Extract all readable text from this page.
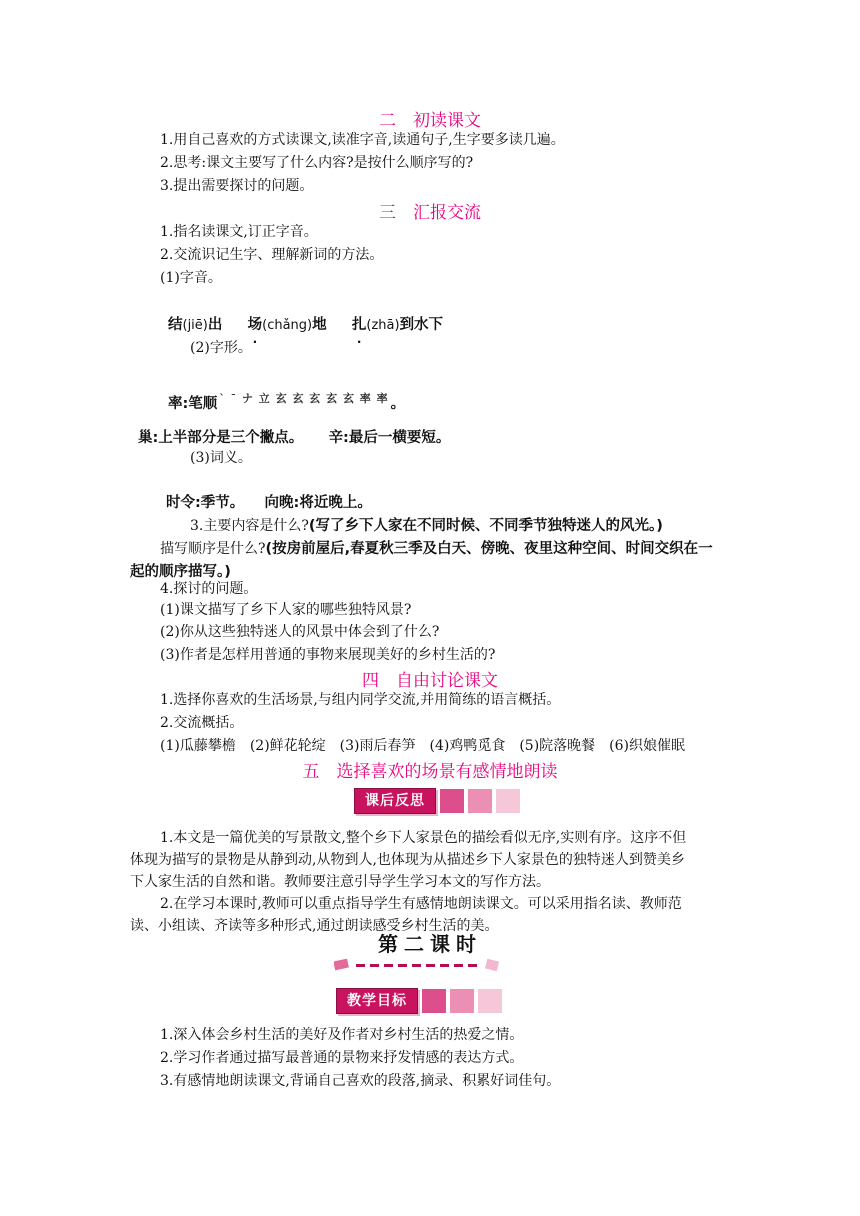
二　初读课文
1.用自己喜欢的方式读课文,读准字音,读通句子,生字要多读几遍。
2.思考:课文主要写了什么内容?是按什么顺序写的?
3.提出需要探讨的问题。
三　汇报交流
1.指名读课文,订正字音。
2.交流识记生字、理解新词的方法。
(1)字音。
结(jiē)出 场(chǎng)地 扎(zhā)到水下
(2)字形。
率:笔顺 ` ˉ ナ 立 玄 玄 玄 玄 玄 率 率 。
巢:上半部分是三个撇点。 辛:最后一横要短。
(3)词义。
时令:季节。 向晚:将近晚上。
3.主要内容是什么?(写了乡下人家在不同时候、不同季节独特迷人的风光。)
描写顺序是什么?(按房前屋后,春夏秋三季及白天、傍晚、夜里这种空间、时间交织在一
起的顺序描写。)
4.探讨的问题。
(1)课文描写了乡下人家的哪些独特风景?
(2)你从这些独特迷人的风景中体会到了什么?
(3)作者是怎样用普通的事物来展现美好的乡村生活的?
四　自由讨论课文
1.选择你喜欢的生活场景,与组内同学交流,并用简练的语言概括。
2.交流概括。
(1)瓜藤攀檐　(2)鲜花轮绽　(3)雨后春笋　(4)鸡鸭觅食　(5)院落晚餐　(6)织娘催眠
五　选择喜欢的场景有感情地朗读
课后反思
1.本文是一篇优美的写景散文,整个乡下人家景色的描绘看似无序,实则有序。这序不但
体现为描写的景物是从静到动,从物到人,也体现为从描述乡下人家景色的独特迷人到赞美乡
下人家生活的自然和谐。教师要注意引导学生学习本文的写作方法。
2.在学习本课时,教师可以重点指导学生有感情地朗读课文。可以采用指名读、教师范
读、小组读、齐读等多种形式,通过朗读感受乡村生活的美。
第二课时
教学目标
1.深入体会乡村生活的美好及作者对乡村生活的热爱之情。
2.学习作者通过描写最普通的景物来抒发情感的表达方式。
3.有感情地朗读课文,背诵自己喜欢的段落,摘录、积累好词佳句。
